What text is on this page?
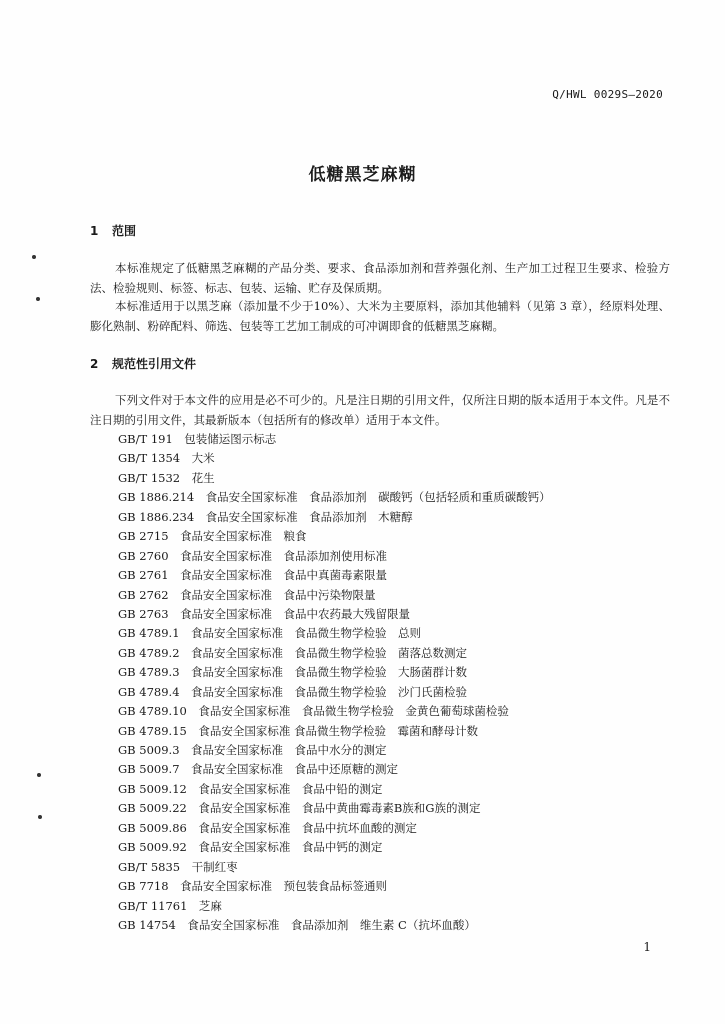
Q/HWL 0029S—2020
低糖黑芝麻糊
1 范围
本标准规定了低糖黑芝麻糊的产品分类、要求、食品添加剂和营养强化剂、生产加工过程卫生要求、检验方法、检验规则、标签、标志、包装、运输、贮存及保质期。
本标准适用于以黑芝麻（添加量不少于10%）、大米为主要原料，添加其他辅料（见第 3 章），经原料处理、膨化熟制、粉碎配料、筛选、包装等工艺加工制成的可冲调即食的低糖黑芝麻糊。
2 规范性引用文件
下列文件对于本文件的应用是必不可少的。凡是注日期的引用文件，仅所注日期的版本适用于本文件。凡是不注日期的引用文件，其最新版本（包括所有的修改单）适用于本文件。
GB/T 191　 包装储运图示标志
GB/T 1354　 大米
GB/T 1532　 花生
GB 1886.214　 食品安全国家标准　食品添加剂　碳酸钙（包括轻质和重质碳酸钙）
GB 1886.234　 食品安全国家标准　食品添加剂　木糖醇
GB 2715　 食品安全国家标准　粮食
GB 2760　 食品安全国家标准　食品添加剂使用标准
GB 2761　 食品安全国家标准　食品中真菌毒素限量
GB 2762　 食品安全国家标准　食品中污染物限量
GB 2763　 食品安全国家标准　食品中农药最大残留限量
GB 4789.1　 食品安全国家标准　食品微生物学检验　总则
GB 4789.2　 食品安全国家标准　食品微生物学检验　菌落总数测定
GB 4789.3　 食品安全国家标准　食品微生物学检验　大肠菌群计数
GB 4789.4　 食品安全国家标准　食品微生物学检验　沙门氏菌检验
GB 4789.10　 食品安全国家标准　食品微生物学检验　金黄色葡萄球菌检验
GB 4789.15　 食品安全国家标准 食品微生物学检验　霉菌和酵母计数
GB 5009.3　 食品安全国家标准　食品中水分的测定
GB 5009.7　 食品安全国家标准　食品中还原糖的测定
GB 5009.12　 食品安全国家标准　食品中铅的测定
GB 5009.22　 食品安全国家标准　食品中黄曲霉毒素B族和G族的测定
GB 5009.86　 食品安全国家标准　食品中抗坏血酸的测定
GB 5009.92　 食品安全国家标准　食品中钙的测定
GB/T 5835　 干制红枣
GB 7718　 食品安全国家标准　预包装食品标签通则
GB/T 11761　 芝麻
GB 14754　 食品安全国家标准　食品添加剂　维生素 C（抗坏血酸）
1
